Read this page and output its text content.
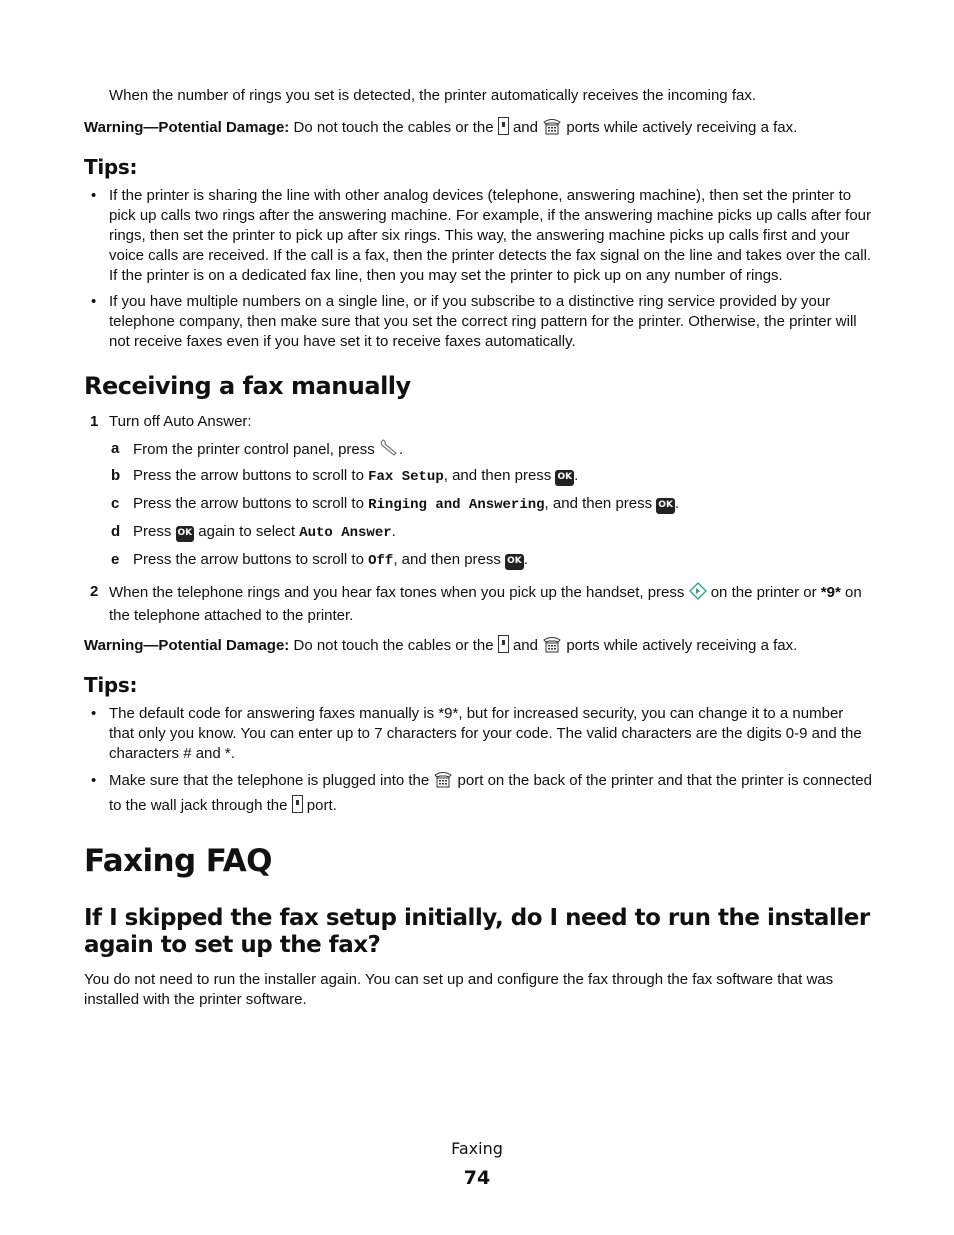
When the number of rings you set is detected, the printer automatically receives the incoming fax.

Warning—Potential Damage: Do not touch the cables or the  and  ports while actively receiving a fax.

Tips:
• If the printer is sharing the line with other analog devices (telephone, answering machine), then set the printer to pick up calls two rings after the answering machine. For example, if the answering machine picks up calls after four rings, then set the printer to pick up after six rings. This way, the answering machine picks up calls first and your voice calls are received. If the call is a fax, then the printer detects the fax signal on the line and takes over the call. If the printer is on a dedicated fax line, then you may set the printer to pick up on any number of rings.
• If you have multiple numbers on a single line, or if you subscribe to a distinctive ring service provided by your telephone company, then make sure that you set the correct ring pattern for the printer. Otherwise, the printer will not receive faxes even if you have set it to receive faxes automatically.
Receiving a fax manually
1 Turn off Auto Answer:
a From the printer control panel, press .
b Press the arrow buttons to scroll to Fax Setup, and then press OK .
c Press the arrow buttons to scroll to Ringing and Answering, and then press OK .
d Press OK again to select Auto Answer.
e Press the arrow buttons to scroll to Off, and then press OK .
2 When the telephone rings and you hear fax tones when you pick up the handset, press  on the printer or *9* on the telephone attached to the printer.

Warning—Potential Damage: Do not touch the cables or the  and  ports while actively receiving a fax.

Tips:
• The default code for answering faxes manually is *9*, but for increased security, you can change it to a number that only you know. You can enter up to 7 characters for your code. The valid characters are the digits 0-9 and the characters # and *.
• Make sure that the telephone is plugged into the  port on the back of the printer and that the printer is connected to the wall jack through the  port.
Faxing FAQ
If I skipped the fax setup initially, do I need to run the installer again to set up the fax?

You do not need to run the installer again. You can set up and configure the fax through the fax software that was installed with the printer software.

Faxing
74
